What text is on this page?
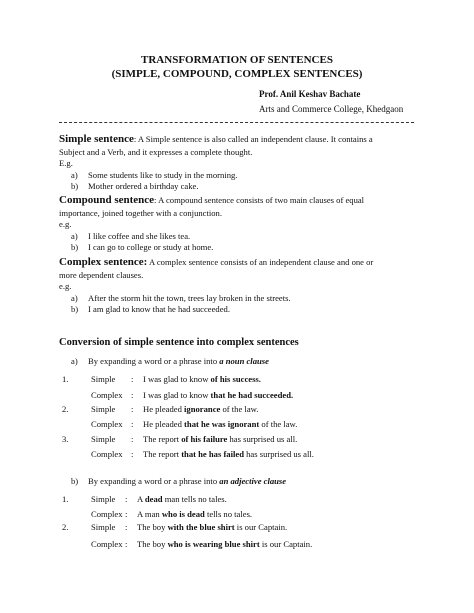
TRANSFORMATION OF SENTENCES
(SIMPLE, COMPOUND, COMPLEX SENTENCES)
Prof. Anil Keshav Bachate
Arts and Commerce College, Khedgaon
Simple sentence: A Simple sentence is also called an independent clause. It contains a
Subject and a Verb, and it expresses a complete thought.
E.g.
a) Some students like to study in the morning.
b) Mother ordered a birthday cake.
Compound sentence: A compound sentence consists of two main clauses of equal
importance, joined together with a conjunction.
e.g.
a) I like coffee and she likes tea.
b) I can go to college or study at home.
Complex sentence: A complex sentence consists of an independent clause and one or
more dependent clauses.
e.g.
a) After the storm hit the town, trees lay broken in the streets.
b) I am glad to know that he had succeeded.
Conversion of simple sentence into complex sentences
a) By expanding a word or a phrase into a noun clause
1.	Simple : I was glad to know of his success.
Complex : I was glad to know that he had succeeded.
2.	Simple : He pleaded ignorance of the law.
Complex : He pleaded that he was ignorant of the law.
3.	Simple : The report of his failure has surprised us all.
Complex : The report that he has failed has surprised us all.
b) By expanding a word or a phrase into an adjective clause
1.	Simple : A dead man tells no tales.
Complex : A man who is dead tells no tales.
2.	Simple : The boy with the blue shirt is our Captain.
Complex : The boy who is wearing blue shirt is our Captain.
